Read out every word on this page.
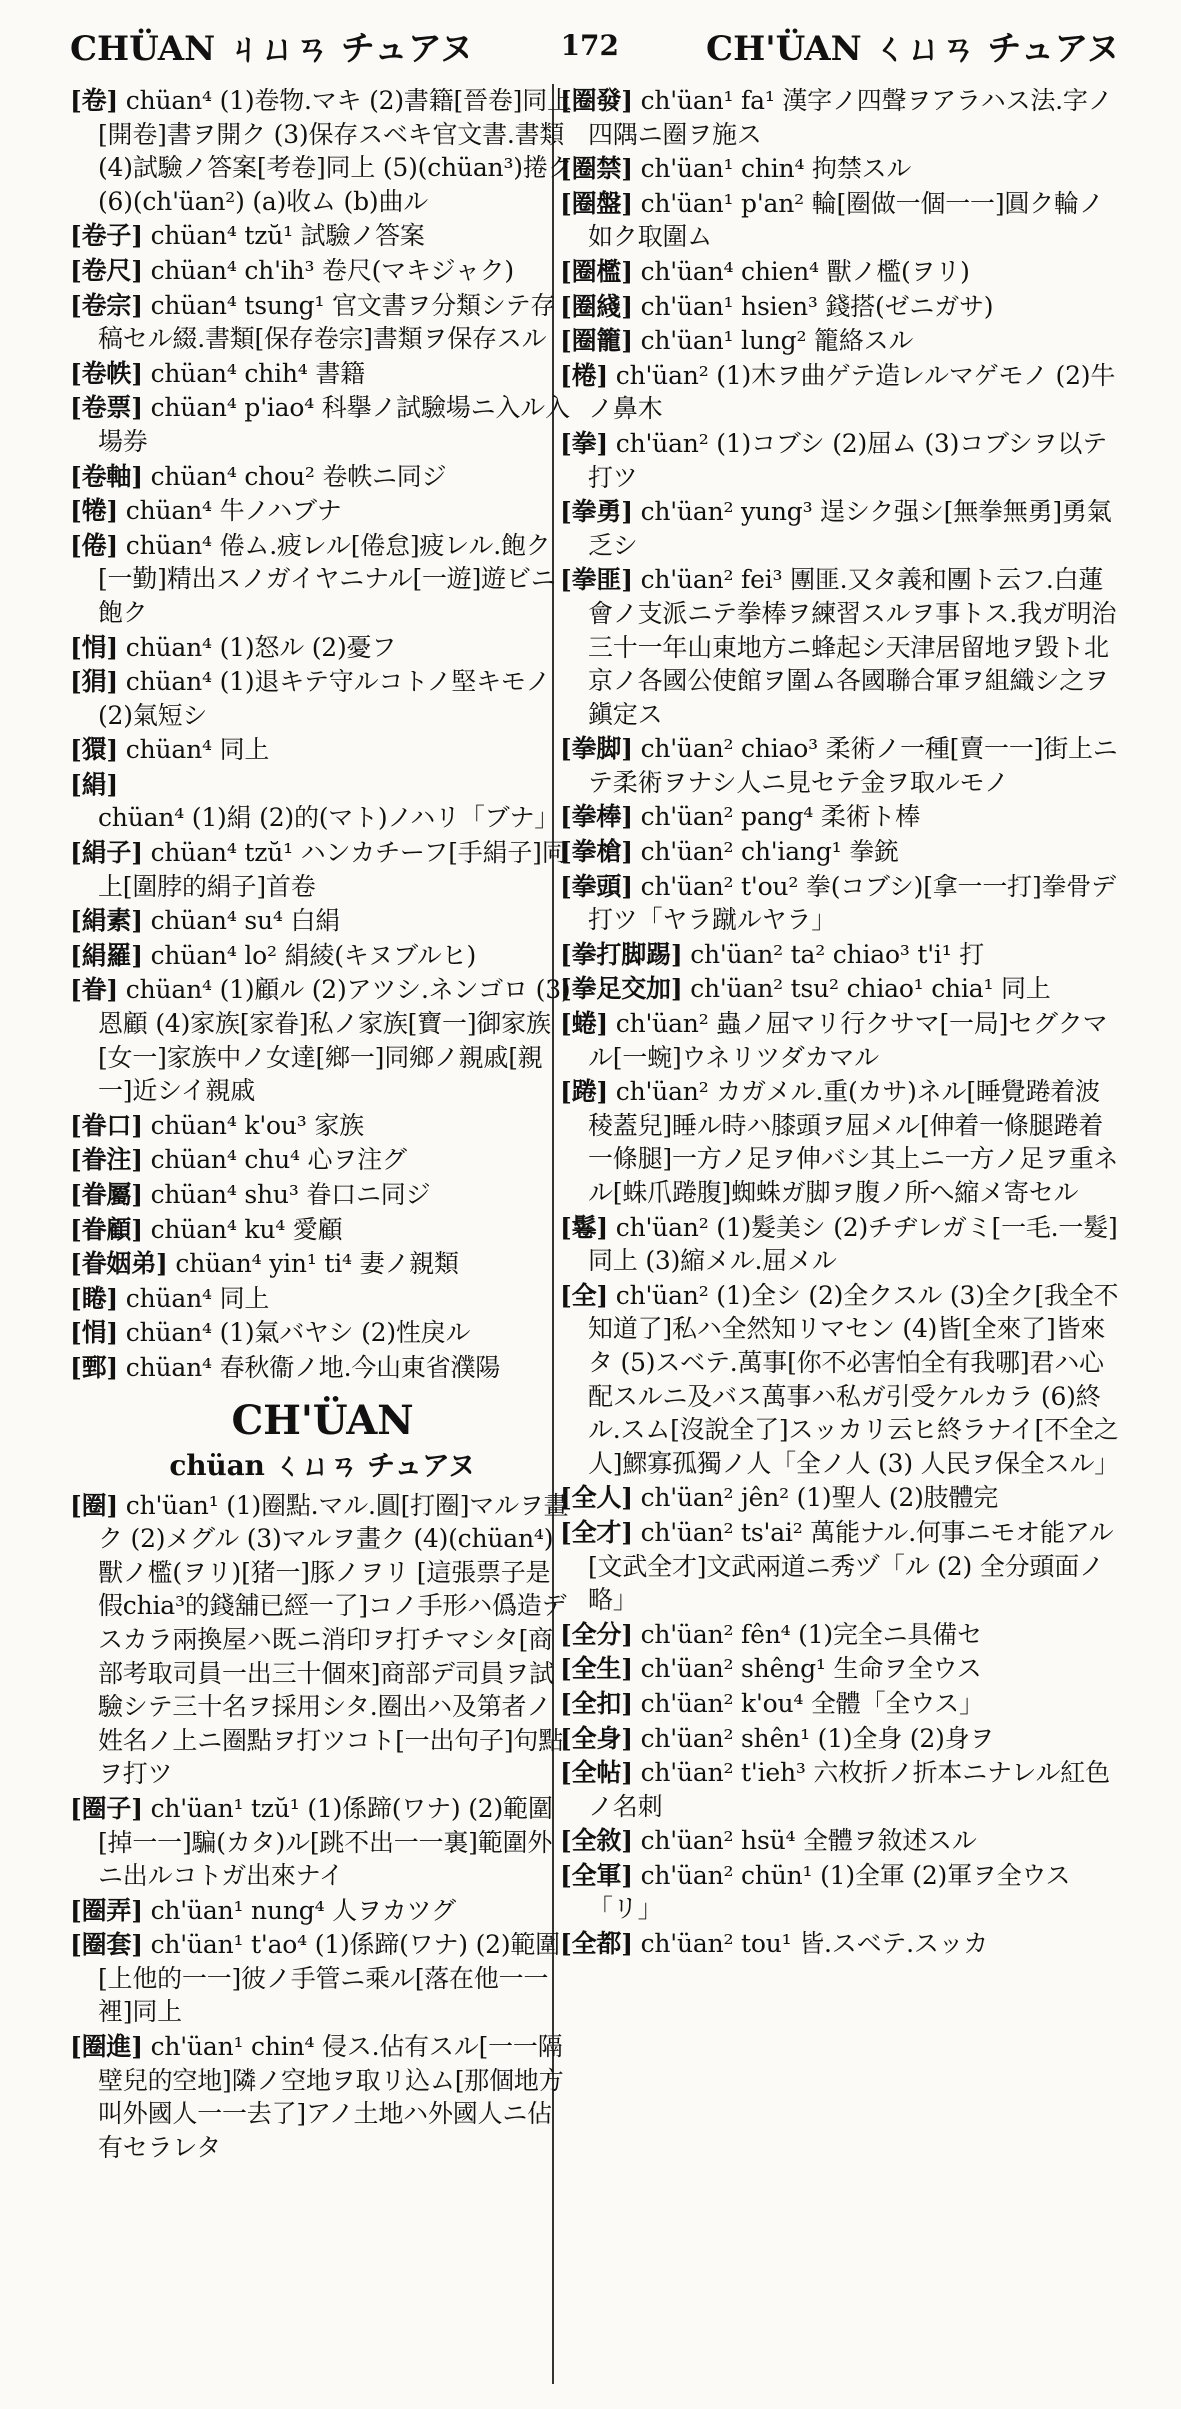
CHÜAN ㄐㄩㄢ チュアヌ	172	CH'ÜAN ㄑㄩㄢ チュアヌ
[卷] chüan⁴ (1)卷物.マキ (2)書籍[晉卷]同上[開卷]書ヲ開ク (3)保存スベキ官文書.書類 (4)試驗ノ答案[考卷]同上 (5)(chüan³)捲ク (6)(ch'üan²) (a)收ム (b)曲ル
[卷子] chüan⁴ tzŭ¹ 試驗ノ答案
[卷尺] chüan⁴ ch'ih³ 卷尺(マキジャク)
[卷宗] chüan⁴ tsung¹ 官文書ヲ分類シテ存稿セル綴.書類[保存卷宗]書類ヲ保存スル
[卷帙] chüan⁴ chih⁴ 書籍
[卷票] chüan⁴ p'iao⁴ 科擧ノ試驗場ニ入ル入場券
[卷軸] chüan⁴ chou² 卷帙ニ同ジ
[犈] chüan⁴ 牛ノハブナ
[倦] chüan⁴ 倦ム.疲レル[倦怠]疲レル.飽ク[一勤]精出スノガイヤニナル[一遊]遊ビニ飽ク
[悁] chüan⁴ (1)怒ル (2)憂フ
[狷] chüan⁴ (1)退キテ守ルコトノ堅キモノ (2)氣短シ
[獧] chüan⁴ 同上
[絹] chüan⁴ (1)絹 (2)的(マト)ノハリ「ブナ」
[絹子] chüan⁴ tzŭ¹ ハンカチーフ[手絹子]同上[圍脖的絹子]首卷
[絹素] chüan⁴ su⁴ 白絹
[絹羅] chüan⁴ lo² 絹綾(キヌブルヒ)
[眷] chüan⁴ (1)顧ル (2)アツシ.ネンゴロ (3)恩顧 (4)家族[家眷]私ノ家族[寶一]御家族[女一]家族中ノ女達[鄉一]同鄉ノ親戚[親一]近シイ親戚
[眷口] chüan⁴ k'ou³ 家族
[眷注] chüan⁴ chu⁴ 心ヲ注グ
[眷屬] chüan⁴ shu³ 眷口ニ同ジ
[眷顧] chüan⁴ ku⁴ 愛顧
[眷姻弟] chüan⁴ yin¹ ti⁴ 妻ノ親類
[睠] chüan⁴ 同上
[悁] chüan⁴ (1)氣バヤシ (2)性戾ル
[鄄] chüan⁴ 春秋衞ノ地.今山東省濮陽
CH'ÜAN
chüan ㄑㄩㄢ チュアヌ
[圈] ch'üan¹ (1)圈點.マル.圓[打圈]マルヲ畫ク (2)メグル (3)マルヲ畫ク (4)(chüan⁴)獸ノ檻(ヲリ)[猪一]豚ノヲリ [這張票子是假chia³的錢舖已經一了]コノ手形ハ僞造デスカラ兩換屋ハ既ニ消印ヲ打チマシタ[商部考取司員一出三十個來]商部デ司員ヲ試驗シテ三十名ヲ採用シタ.圈出ハ及第者ノ姓名ノ上ニ圈點ヲ打ツコト[一出句子]句點ヲ打ツ
[圈子] ch'üan¹ tzŭ¹ (1)係蹄(ワナ) (2)範圍 [掉一一]騙(カタ)ル[跳不出一一裏]範圍外ニ出ルコトガ出來ナイ
[圈弄] ch'üan¹ nung⁴ 人ヲカツグ
[圈套] ch'üan¹ t'ao⁴ (1)係蹄(ワナ) (2)範圍 [上他的一一]彼ノ手管ニ乘ル[落在他一一裡]同上
[圈進] ch'üan¹ chin⁴ 侵ス.佔有スル[一一隔壁兒的空地]隣ノ空地ヲ取リ込ム[那個地方叫外國人一一去了]アノ土地ハ外國人ニ佔有セラレタ
[圈發] ch'üan¹ fa¹ 漢字ノ四聲ヲアラハス法.字ノ四隅ニ圈ヲ施ス
[圈禁] ch'üan¹ chin⁴ 拘禁スル
[圈盤] ch'üan¹ p'an² 輪[圈做一個一一]圓ク輪ノ如ク取圍ム
[圈檻] ch'üan⁴ chien⁴ 獸ノ檻(ヲリ)
[圈綫] ch'üan¹ hsien³ 錢搭(ゼニガサ)
[圈籠] ch'üan¹ lung² 籠絡スル
[棬] ch'üan² (1)木ヲ曲ゲテ造レルマゲモノ (2)牛ノ鼻木
[拳] ch'üan² (1)コブシ (2)屈ム (3)コブシヲ以テ打ツ
[拳勇] ch'üan² yung³ 逞シク强シ[無拳無勇]勇氣乏シ
[拳匪] ch'üan² fei³ 團匪.又タ義和團ト云フ.白蓮會ノ支派ニテ拳棒ヲ練習スルヲ事トス.我ガ明治三十一年山東地方ニ蜂起シ天津居留地ヲ毀ト北京ノ各國公使館ヲ圍ム各國聯合軍ヲ組織シ之ヲ鎭定ス
[拳脚] ch'üan² chiao³ 柔術ノ一種[賣一一]街上ニテ柔術ヲナシ人ニ見セテ金ヲ取ルモノ
[拳棒] ch'üan² pang⁴ 柔術ト棒
[拳槍] ch'üan² ch'iang¹ 拳銃
[拳頭] ch'üan² t'ou² 拳(コブシ)[拿一一打]拳骨デ打ツ「ヤラ蹴ルヤラ」
[拳打脚踢] ch'üan² ta² chiao³ t'i¹ 打
[拳足交加] ch'üan² tsu² chiao¹ chia¹ 同上
[蜷] ch'üan² 蟲ノ屈マリ行クサマ[一局]セグクマル[一蜿]ウネリツダカマル
[踡] ch'üan² カガメル.重(カサ)ネル[睡覺踡着波稜蓋兒]睡ル時ハ膝頭ヲ屈メル[伸着一條腿踡着一條腿]一方ノ足ヲ伸バシ其上ニ一方ノ足ヲ重ネル[蛛爪踡腹]蜘蛛ガ脚ヲ腹ノ所へ縮メ寄セル
[鬈] ch'üan² (1)髮美シ (2)チヂレガミ[一毛.一髮]同上 (3)縮メル.屈メル
[全] ch'üan² (1)全シ (2)全クスル (3)全ク[我全不知道了]私ハ全然知リマセン (4)皆[全來了]皆來タ (5)スベテ.萬事[你不必害怕全有我哪]君ハ心配スルニ及バス萬事ハ私ガ引受ケルカラ (6)終ル.スム[沒說全了]スッカリ云ヒ終ラナイ[不全之人]鰥寡孤獨ノ人「全ノ人 (3) 人民ヲ保全スル」
[全人] ch'üan² jên² (1)聖人 (2)肢體完
[全才] ch'üan² ts'ai² 萬能ナル.何事ニモオ能アル[文武全才]文武兩道ニ秀ヅ「ル (2) 全分頭面ノ略」
[全分] ch'üan² fên⁴ (1)完全ニ具備セ
[全生] ch'üan² shêng¹ 生命ヲ全ウス
[全扣] ch'üan² k'ou⁴ 全體「全ウス」
[全身] ch'üan² shên¹ (1)全身 (2)身ヲ
[全帖] ch'üan² t'ieh³ 六枚折ノ折本ニナレル紅色ノ名刺
[全敘] ch'üan² hsü⁴ 全體ヲ敘述スル
[全軍] ch'üan² chün¹ (1)全軍 (2)軍ヲ全ウス「リ」
[全都] ch'üan² tou¹ 皆.スベテ.スッカ
